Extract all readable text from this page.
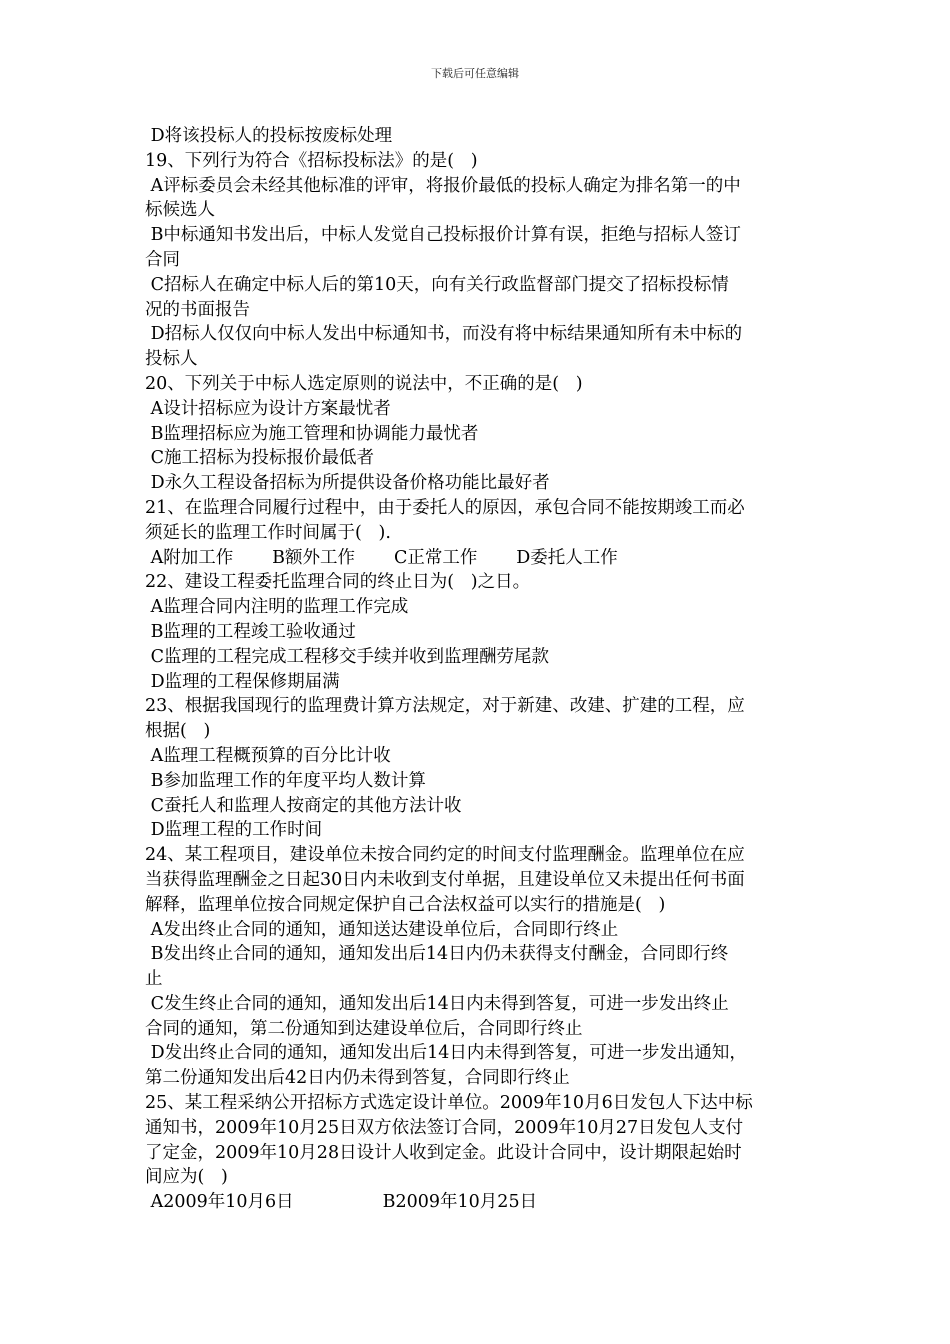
下载后可任意编辑
D将该投标人的投标按废标处理
19、下列行为符合《招标投标法》的是(   )
A评标委员会未经其他标准的评审，将报价最低的投标人确定为排名第一的中
标候选人
B中标通知书发出后，中标人发觉自己投标报价计算有误，拒绝与招标人签订
合同
C招标人在确定中标人后的第10天，向有关行政监督部门提交了招标投标情
况的书面报告
D招标人仅仅向中标人发出中标通知书，而没有将中标结果通知所有未中标的
投标人
20、下列关于中标人选定原则的说法中，不正确的是(   )
A设计招标应为设计方案最忧者
B监理招标应为施工管理和协调能力最忧者
C施工招标为投标报价最低者
D永久工程设备招标为所提供设备价格功能比最好者
21、在监理合同履行过程中，由于委托人的原因，承包合同不能按期竣工而必
须延长的监理工作时间属于(   ).
A附加工作       B额外工作       C正常工作       D委托人工作
22、建设工程委托监理合同的终止日为(   )之日。
A监理合同内注明的监理工作完成
B监理的工程竣工验收通过
C监理的工程完成工程移交手续并收到监理酬劳尾款
D监理的工程保修期届满
23、根据我国现行的监理费计算方法规定，对于新建、改建、扩建的工程，应
根据(   )
A监理工程概预算的百分比计收
B参加监理工作的年度平均人数计算
C蚕托人和监理人按商定的其他方法计收
D监理工程的工作时间
24、某工程项目，建设单位未按合同约定的时间支付监理酬金。监理单位在应
当获得监理酬金之日起30日内未收到支付单据，且建设单位又未提出任何书面
解释，监理单位按合同规定保护自己合法权益可以实行的措施是(   )
A发出终止合同的通知，通知送达建设单位后，合同即行终止
B发出终止合同的通知，通知发出后14日内仍未获得支付酬金，合同即行终
止
C发生终止合同的通知，通知发出后14日内未得到答复，可进一步发出终止
合同的通知，第二份通知到达建设单位后，合同即行终止
D发出终止合同的通知，通知发出后14日内未得到答复，可进一步发出通知，
第二份通知发出后42日内仍未得到答复，合同即行终止
25、某工程采纳公开招标方式选定设计单位。2009年10月6日发包人下达中标
通知书，2009年10月25日双方依法签订合同，2009年10月27日发包人支付
了定金，2009年10月28日设计人收到定金。此设计合同中，设计期限起始时
间应为(   )
A2009年10月6日                B2009年10月25日
